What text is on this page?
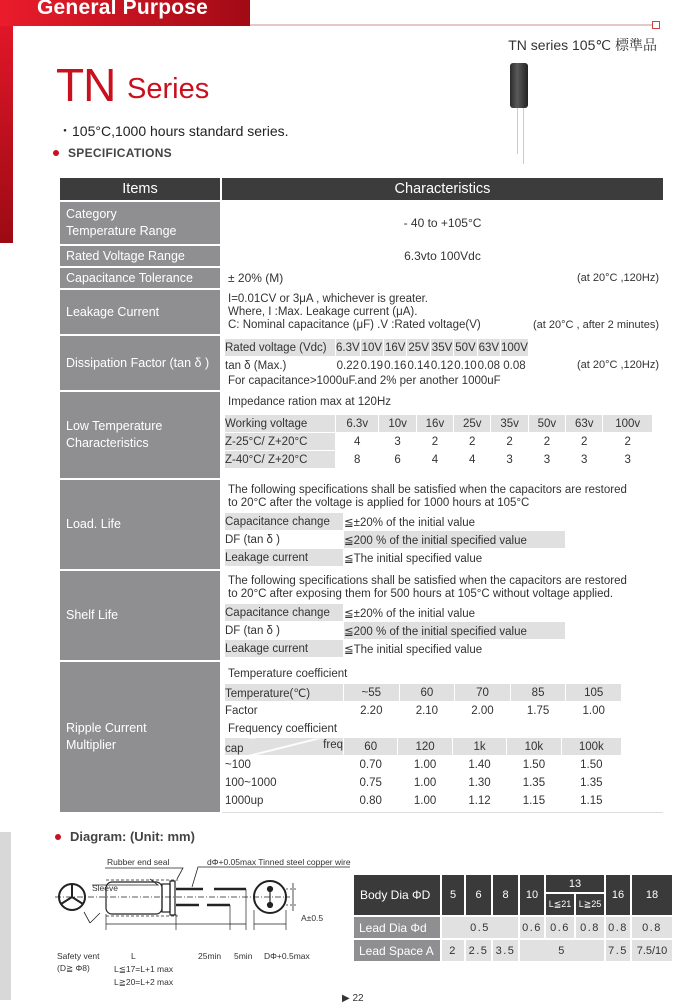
General Purpose
TN series 105℃ 標準品
TN Series
・105°C,1000 hours standard series.
SPECIFICATIONS
Items	Characteristics
Category
Temperature Range	- 40 to +105°C
Rated Voltage Range	6.3vto 100Vdc
Capacitance Tolerance	± 20% (M)	(at 20°C ,120Hz)

Leakage Current	
I=0.01CV or 3μA , whichever is greater.
Where, I :Max. Leakage current (μA).
C: Nominal capacitance (μF) .V :Rated voltage(V)	(at 20°C , after 2 minutes)

Dissipation Factor (tan δ )	
Rated voltage (Vdc)	6.3V	10V	16V	25V	35V	50V	63V	100V
tan δ (Max.)	0.22	0.19	0.16	0.14	0.12	0.10	0.08	0.08	(at 20°C ,120Hz)
For capacitance>1000uF.and 2% per another 1000uF

Low Temperature
Characteristics	
Impedance ration max at 120Hz
Working voltage	6.3v	10v	16v	25v	35v	50v	63v	100v
Z-25°C/ Z+20°C	4	3	2	2	2	2	2	2
Z-40°C/ Z+20°C	8	6	4	4	3	3	3	3

Load. Life	
The following specifications shall be satisfied when the capacitors are restored
to 20°C after the voltage is applied for 1000 hours at 105°C
Capacitance change	≦±20% of the initial value
DF (tan δ )	≦200 % of the initial specified value
Leakage current	≦The initial specified value

Shelf Life	
The following specifications shall be satisfied when the capacitors are restored
to 20°C after exposing them for 500 hours at 105°C without voltage applied.
Capacitance change	≦±20% of the initial value
DF (tan δ )	≦200 % of the initial specified value
Leakage current	≦The initial specified value

Ripple Current
Multiplier	
Temperature coefficient
Temperature(℃)	~55	60	70	85	105
Factor	2.20	2.10	2.00	1.75	1.00
Frequency coefficient
cap	freq	60	120	1k	10k	100k
~100	0.70	1.00	1.40	1.50	1.50
100~1000	0.75	1.00	1.30	1.35	1.35
1000up	0.80	1.00	1.12	1.15	1.15
Diagram: (Unit: mm)
Rubber end seal	dΦ+0.05max Tinned steel copper wire
Sleeve
A±0.5
Safety vent
(D≧ Φ8)
L
L≦17=L+1 max
L≧20=L+2 max
25min 5min DΦ+0.5max
Body Dia ΦD	5	6	8	10	13		16	18
					L≦21	L≧25		
Lead Dia Φd	0.5			0.6	0.6	0.8	0.8	0.8
Lead Space A	2	2.5	3.5	5			7.5	7.5/10
▶ 22
